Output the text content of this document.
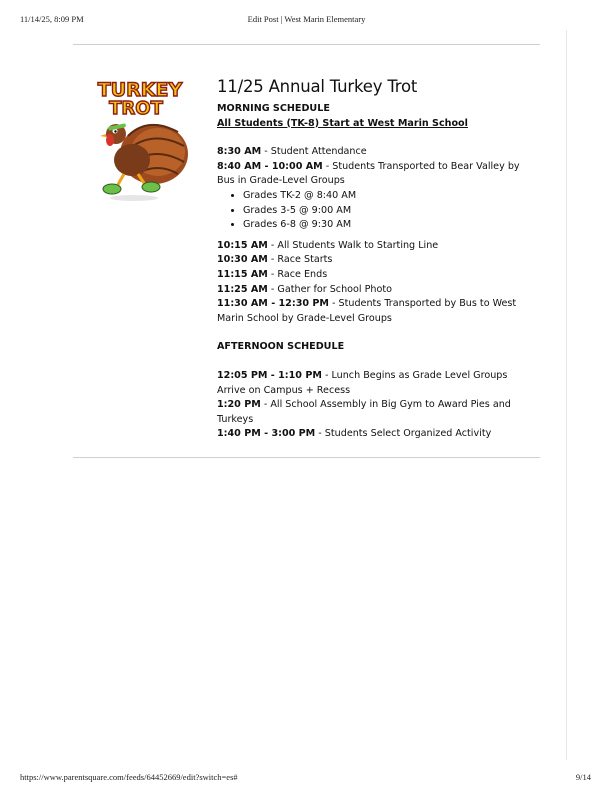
11/14/25, 8:09 PM	Edit Post | West Marin Elementary
TURKEY
TROT
11/25 Annual Turkey Trot

MORNING SCHEDULE

All Students (TK-8) Start at West Marin School

8:30 AM - Student Attendance

8:40 AM - 10:00 AM - Students Transported to Bear Valley by Bus in Grade-Level Groups

• Grades TK-2 @ 8:40 AM
• Grades 3-5 @ 9:00 AM
• Grades 6-8 @ 9:30 AM

10:15 AM - All Students Walk to Starting Line

10:30 AM - Race Starts

11:15 AM - Race Ends

11:25 AM - Gather for School Photo

11:30 AM - 12:30 PM - Students Transported by Bus to West Marin School by Grade-Level Groups

AFTERNOON SCHEDULE

12:05 PM - 1:10 PM - Lunch Begins as Grade Level Groups Arrive on Campus + Recess

1:20 PM - All School Assembly in Big Gym to Award Pies and Turkeys

1:40 PM - 3:00 PM - Students Select Organized Activity

https://www.parentsquare.com/feeds/64452669/edit?switch=es#	9/14
